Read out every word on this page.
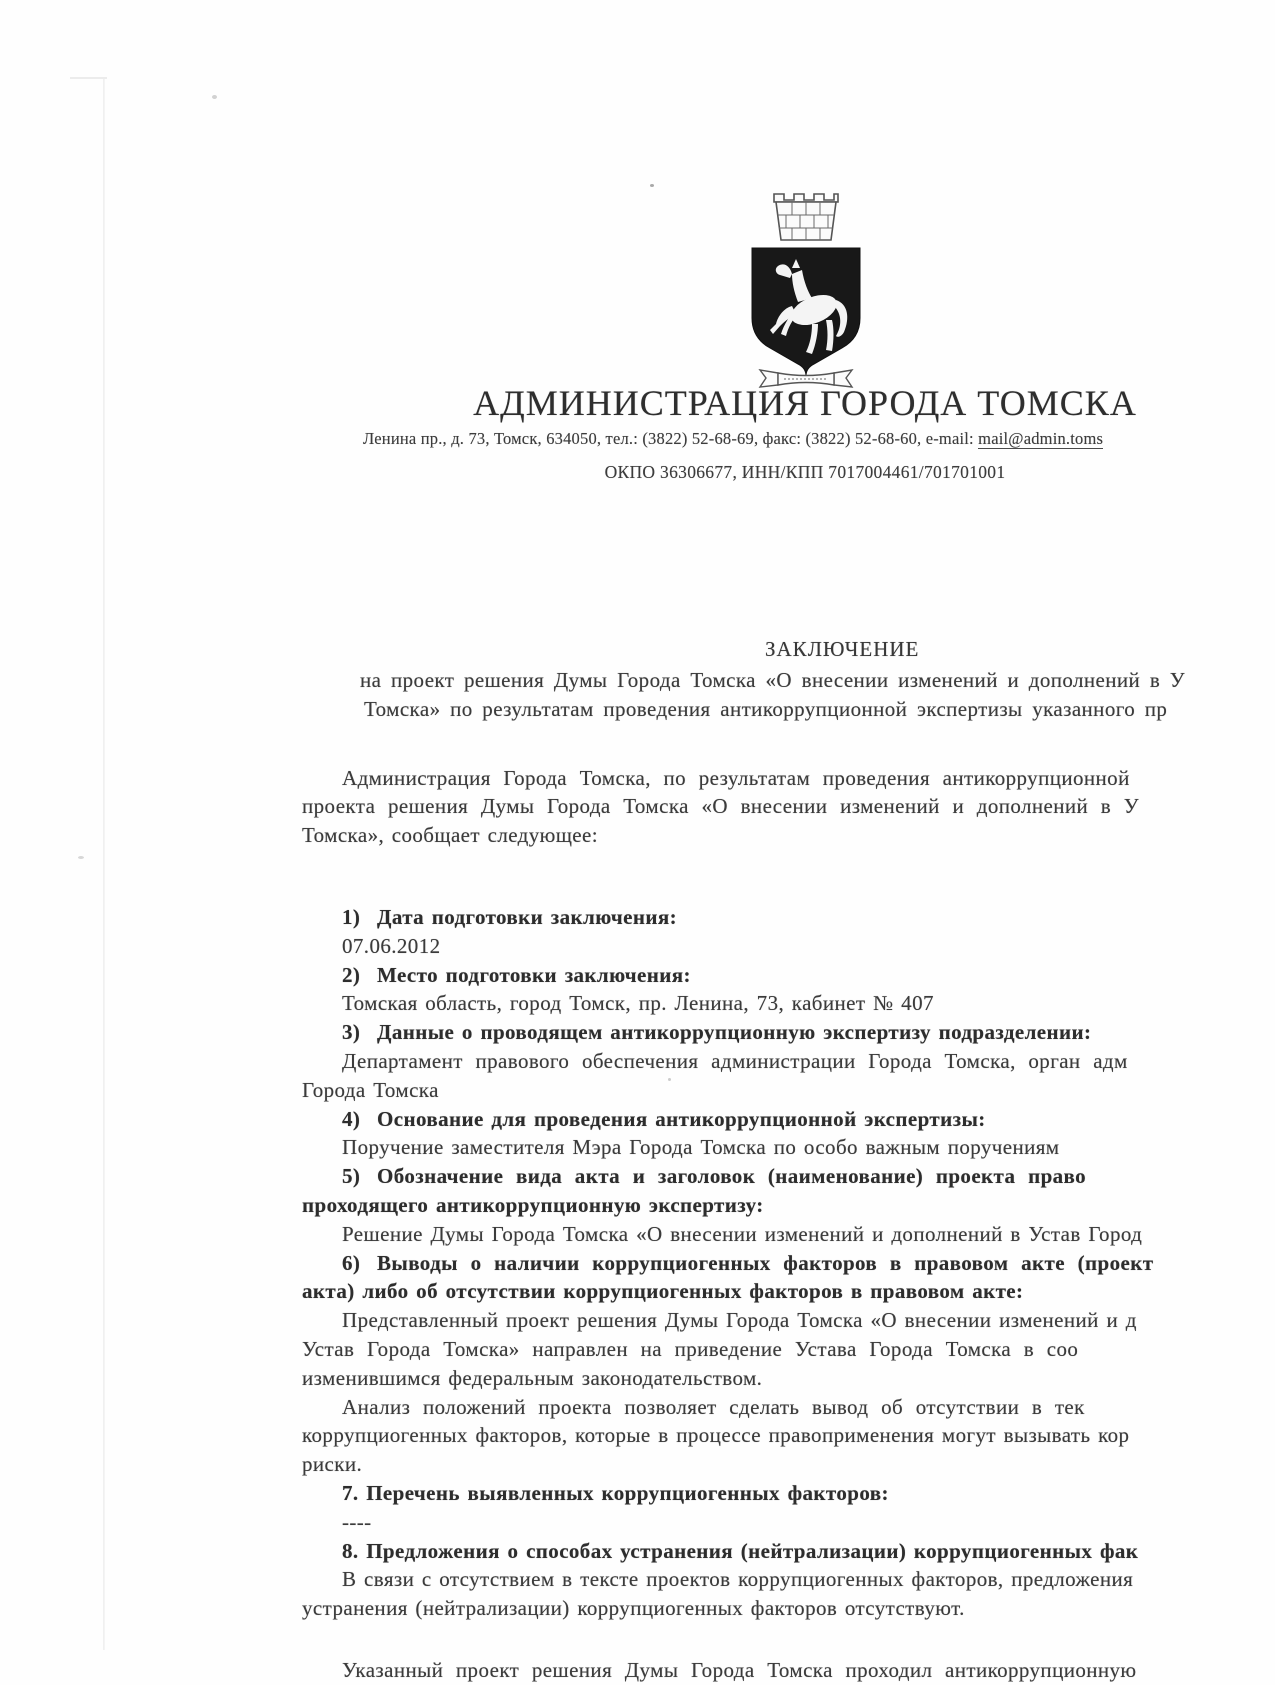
АДМИНИСТРАЦИЯ ГОРОДА ТОМСКА
Ленина пр., д. 73, Томск, 634050, тел.: (3822) 52-68-69, факс: (3822) 52-68-60, e-mail: mail@admin.toms
ОКПО 36306677, ИНН/КПП 7017004461/701701001
ЗАКЛЮЧЕНИЕ
на проект решения Думы Города Томска «О внесении изменений и дополнений в У
Томска» по результатам проведения антикоррупционной экспертизы указанного пр
Администрация Города Томска, по результатам проведения антикоррупционной
проекта решения Думы Города Томска «О внесении изменений и дополнений в У
Томска», сообщает следующее:
1) Дата подготовки заключения:
07.06.2012
2) Место подготовки заключения:
Томская область, город Томск, пр. Ленина, 73, кабинет № 407
3) Данные о проводящем антикоррупционную экспертизу подразделении:
Департамент правового обеспечения администрации Города Томска, орган адм
Города Томска
4) Основание для проведения антикоррупционной экспертизы:
Поручение заместителя Мэра Города Томска по особо важным поручениям
5) Обозначение вида акта и заголовок (наименование) проекта право
проходящего антикоррупционную экспертизу:
Решение Думы Города Томска «О внесении изменений и дополнений в Устав Город
6) Выводы о наличии коррупциогенных факторов в правовом акте (проект
акта) либо об отсутствии коррупциогенных факторов в правовом акте:
Представленный проект решения Думы Города Томска «О внесении изменений и д
Устав Города Томска» направлен на приведение Устава Города Томска в соо
изменившимся федеральным законодательством.
Анализ положений проекта позволяет сделать вывод об отсутствии в тек
коррупциогенных факторов, которые в процессе правоприменения могут вызывать кор
риски.
7. Перечень выявленных коррупциогенных факторов:
----
8. Предложения о способах устранения (нейтрализации) коррупциогенных фак
В связи с отсутствием в тексте проектов коррупциогенных факторов, предложения
устранения (нейтрализации) коррупциогенных факторов отсутствуют.
Указанный проект решения Думы Города Томска проходил антикоррупционную
